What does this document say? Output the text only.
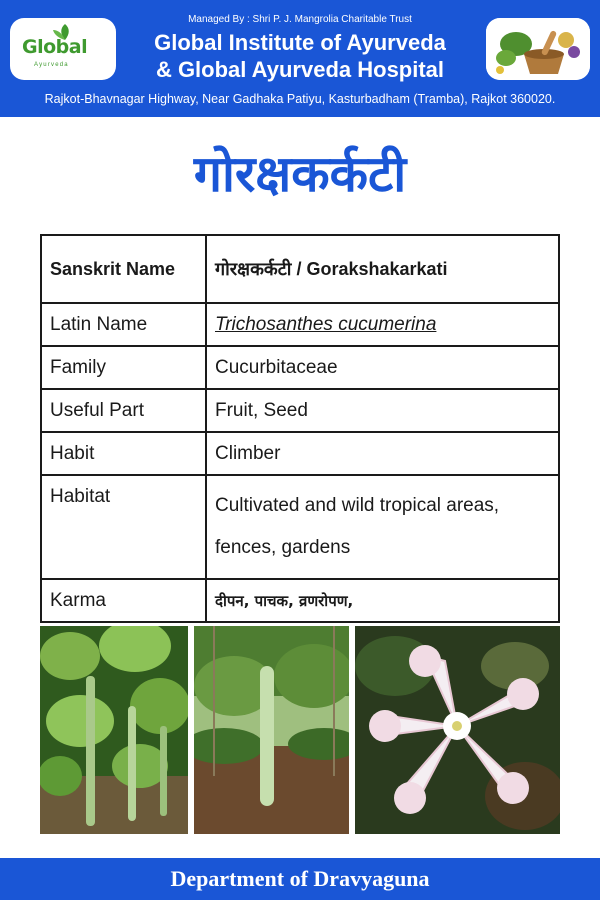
Global
Ayurveda
Managed By : Shri P. J. Mangrolia Charitable Trust
Global Institute of Ayurveda
& Global Ayurveda Hospital
Rajkot-Bhavnagar Highway, Near Gadhaka Patiyu, Kasturbadham (Tramba), Rajkot 360020.
गोरक्षकर्कटी
Sanskrit Name	गोरक्षकर्कटी / Gorakshakarkati
Latin Name	Trichosanthes cucumerina
Family	Cucurbitaceae
Useful Part	Fruit, Seed
Habit	Climber
Habitat	Cultivated and wild tropical areas,
fences, gardens

Karma	दीपन, पाचक, व्रणरोपण,
Department of Dravyaguna
